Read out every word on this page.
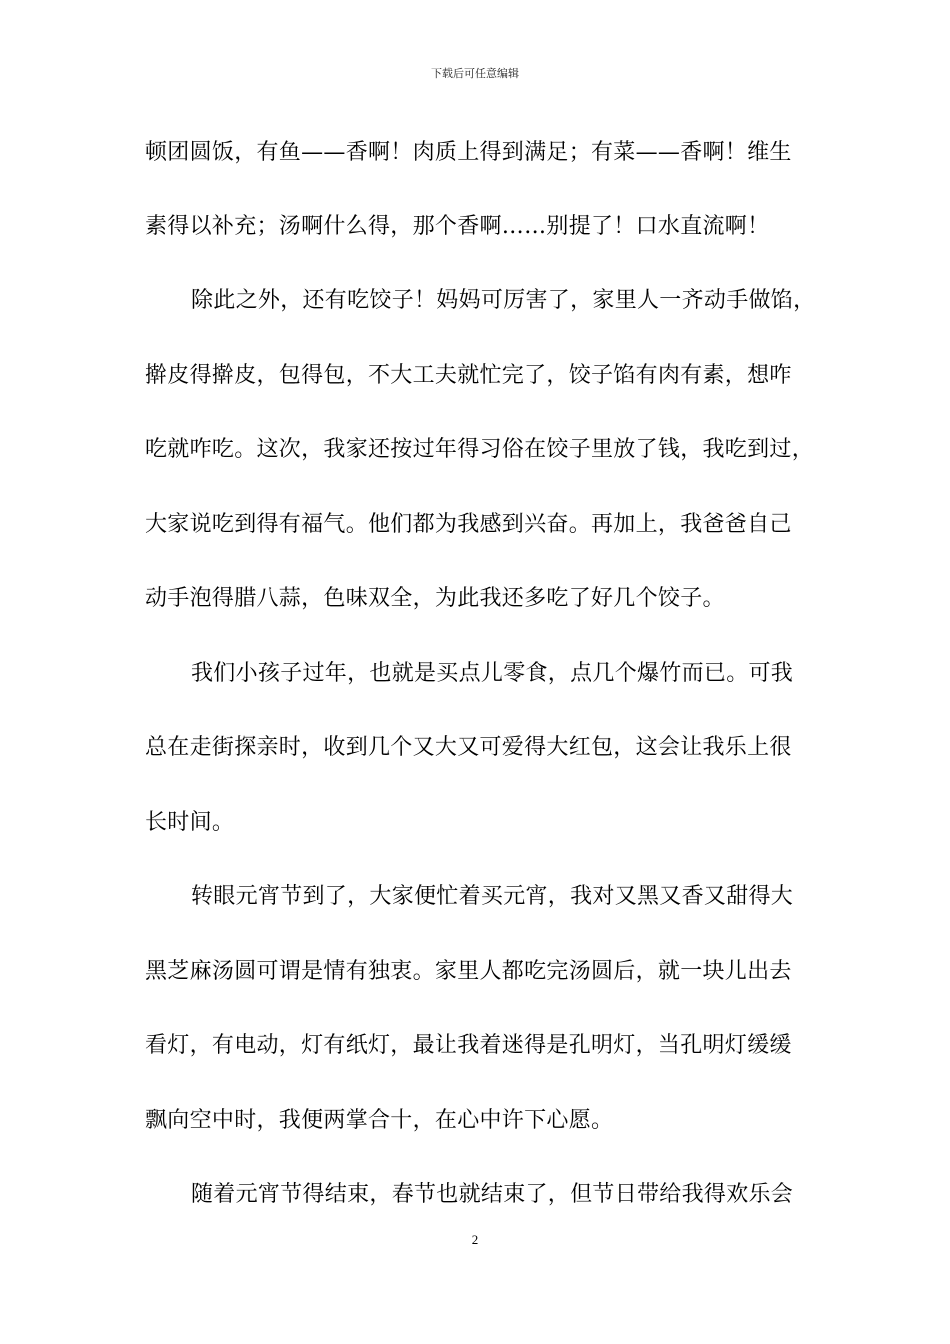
下载后可任意编辑
顿团圆饭，有鱼——香啊！肉质上得到满足；有菜——香啊！维生
素得以补充；汤啊什么得，那个香啊……别提了！口水直流啊！
除此之外，还有吃饺子！妈妈可厉害了，家里人一齐动手做馅，
擀皮得擀皮，包得包，不大工夫就忙完了，饺子馅有肉有素，想咋
吃就咋吃。这次，我家还按过年得习俗在饺子里放了钱，我吃到过，
大家说吃到得有福气。他们都为我感到兴奋。再加上，我爸爸自己
动手泡得腊八蒜，色味双全，为此我还多吃了好几个饺子。
我们小孩子过年，也就是买点儿零食，点几个爆竹而已。可我
总在走街探亲时，收到几个又大又可爱得大红包，这会让我乐上很
长时间。
转眼元宵节到了，大家便忙着买元宵，我对又黑又香又甜得大
黑芝麻汤圆可谓是情有独衷。家里人都吃完汤圆后，就一块儿出去
看灯，有电动，灯有纸灯，最让我着迷得是孔明灯，当孔明灯缓缓
飘向空中时，我便两掌合十，在心中许下心愿。
随着元宵节得结束，春节也就结束了，但节日带给我得欢乐会
2
